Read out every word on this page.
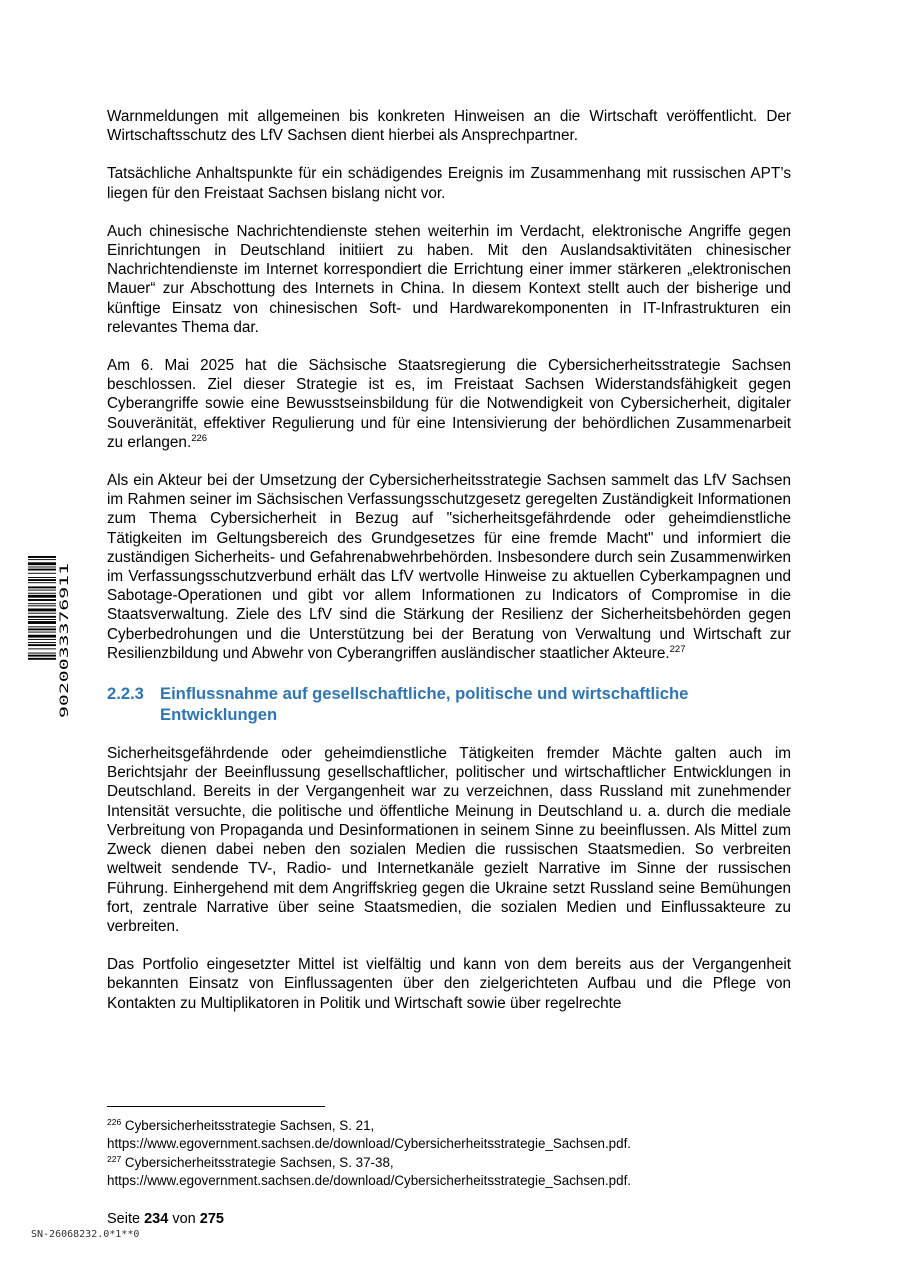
Warnmeldungen mit allgemeinen bis konkreten Hinweisen an die Wirtschaft veröffentlicht. Der Wirtschaftsschutz des LfV Sachsen dient hierbei als Ansprechpartner.

Tatsächliche Anhaltspunkte für ein schädigendes Ereignis im Zusammenhang mit russischen APT’s liegen für den Freistaat Sachsen bislang nicht vor.

Auch chinesische Nachrichtendienste stehen weiterhin im Verdacht, elektronische Angriffe gegen Einrichtungen in Deutschland initiiert zu haben. Mit den Auslandsaktivitäten chinesischer Nachrichtendienste im Internet korrespondiert die Errichtung einer immer stärkeren „elektronischen Mauer“ zur Abschottung des Internets in China. In diesem Kontext stellt auch der bisherige und künftige Einsatz von chinesischen Soft- und Hardwarekomponenten in IT-Infrastrukturen ein relevantes Thema dar.

Am 6. Mai 2025 hat die Sächsische Staatsregierung die Cybersicherheitsstrategie Sachsen beschlossen. Ziel dieser Strategie ist es, im Freistaat Sachsen Widerstandsfähigkeit gegen Cyberangriffe sowie eine Bewusstseinsbildung für die Notwendigkeit von Cybersicherheit, digitaler Souveränität, effektiver Regulierung und für eine Intensivierung der behördlichen Zusammenarbeit zu erlangen.$^{226}$

Als ein Akteur bei der Umsetzung der Cybersicherheitsstrategie Sachsen sammelt das LfV Sachsen im Rahmen seiner im Sächsischen Verfassungsschutzgesetz geregelten Zuständigkeit Informationen zum Thema Cybersicherheit in Bezug auf "sicherheitsgefährdende oder geheimdienstliche Tätigkeiten im Geltungsbereich des Grundgesetzes für eine fremde Macht" und informiert die zuständigen Sicherheits- und Gefahrenabwehrbehörden. Insbesondere durch sein Zusammenwirken im Verfassungsschutzverbund erhält das LfV wertvolle Hinweise zu aktuellen Cyberkampagnen und Sabotage-Operationen und gibt vor allem Informationen zu Indicators of Compromise in die Staatsverwaltung. Ziele des LfV sind die Stärkung der Resilienz der Sicherheitsbehörden gegen Cyberbedrohungen und die Unterstützung bei der Beratung von Verwaltung und Wirtschaft zur Resilienzbildung und Abwehr von Cyberangriffen ausländischer staatlicher Akteure.$^{227}$

2.2.3 Einflussnahme auf gesellschaftliche, politische und wirtschaftliche Entwicklungen

Sicherheitsgefährdende oder geheimdienstliche Tätigkeiten fremder Mächte galten auch im Berichtsjahr der Beeinflussung gesellschaftlicher, politischer und wirtschaftlicher Entwicklungen in Deutschland. Bereits in der Vergangenheit war zu verzeichnen, dass Russland mit zunehmender Intensität versuchte, die politische und öffentliche Meinung in Deutschland u. a. durch die mediale Verbreitung von Propaganda und Desinformationen in seinem Sinne zu beeinflussen. Als Mittel zum Zweck dienen dabei neben den sozialen Medien die russischen Staatsmedien. So verbreiten weltweit sendende TV-, Radio- und Internetkanäle gezielt Narrative im Sinne der russischen Führung. Einhergehend mit dem Angriffskrieg gegen die Ukraine setzt Russland seine Bemühungen fort, zentrale Narrative über seine Staatsmedien, die sozialen Medien und Einflussakteure zu verbreiten.

Das Portfolio eingesetzter Mittel ist vielfältig und kann von dem bereits aus der Vergangenheit bekannten Einsatz von Einflussagenten über den zielgerichteten Aufbau und die Pflege von Kontakten zu Multiplikatoren in Politik und Wirtschaft sowie über regelrechte

$^{226}$ Cybersicherheitsstrategie Sachsen, S. 21,

https://www.egovernment.sachsen.de/download/Cybersicherheitsstrategie_Sachsen.pdf.

$^{227}$ Cybersicherheitsstrategie Sachsen, S. 37-38,

https://www.egovernment.sachsen.de/download/Cybersicherheitsstrategie_Sachsen.pdf.

Seite 234 von 275
SN-26068232.0*1**0
9020033376911
